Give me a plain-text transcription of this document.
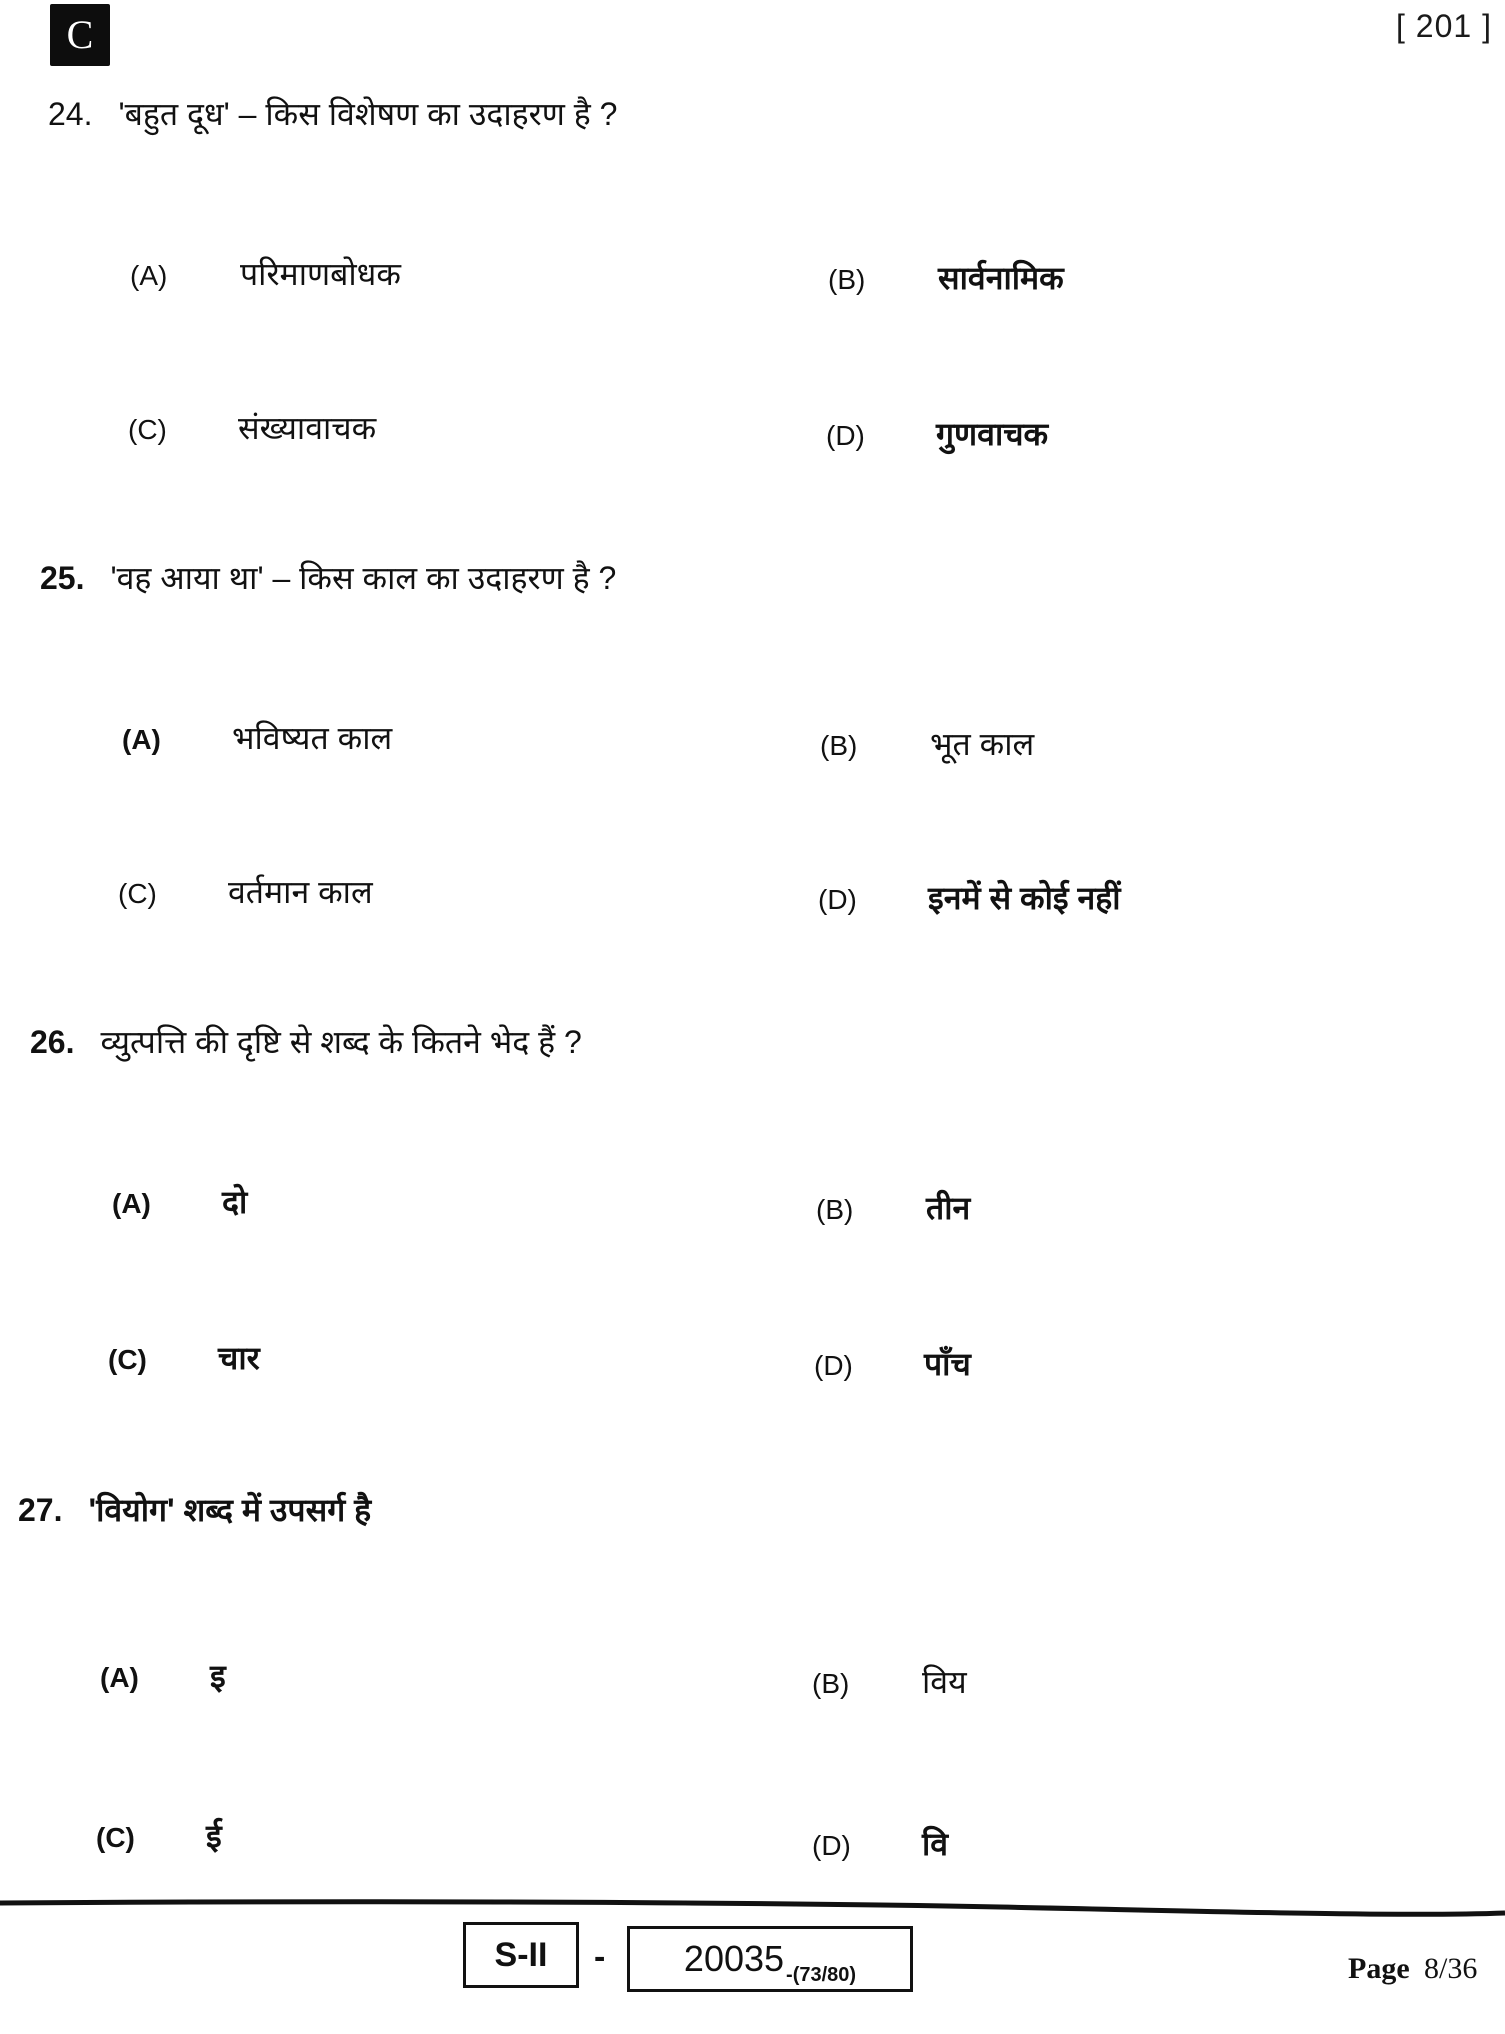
C	[ 201 ]
24. 'बहुत दूध' – किस विशेषण का उदाहरण है ?
(A)	परिमाणबोधक	(B)	सार्वनामिक
(C)	संख्यावाचक	(D)	गुणवाचक
25. 'वह आया था' – किस काल का उदाहरण है ?
(A)	भविष्यत काल	(B)	भूत काल
(C)	वर्तमान काल	(D)	इनमें से कोई नहीं
26. व्युत्पत्ति की दृष्टि से शब्द के कितने भेद हैं ?
(A)	दो	(B)	तीन
(C)	चार	(D)	पाँच
27. 'वियोग' शब्द में उपसर्ग है
(A)	इ	(B)	विय
(C)	ई	(D)	वि
S-II - 20035 -(73/80)	Page 8/36
